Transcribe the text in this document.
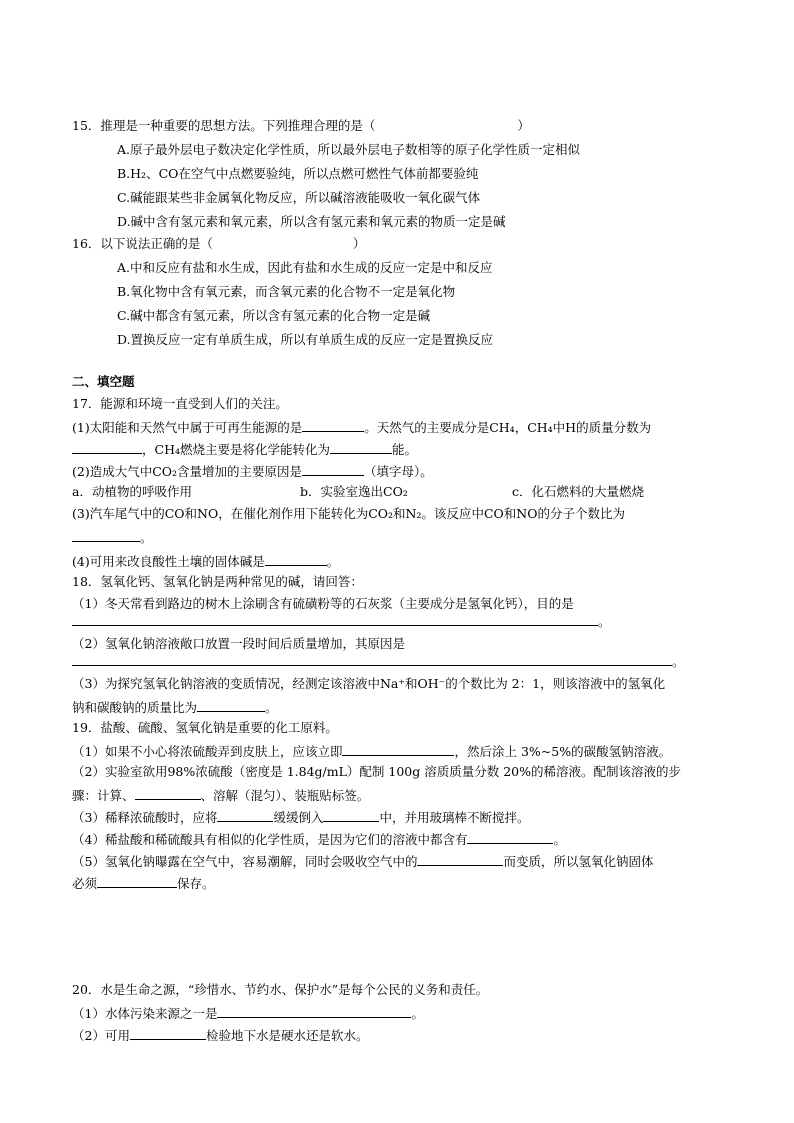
15．推理是一种重要的思想方法。下列推理合理的是（	）
A.原子最外层电子数决定化学性质，所以最外层电子数相等的原子化学性质一定相似
B.H₂、CO在空气中点燃要验纯，所以点燃可燃性气体前都要验纯
C.碱能跟某些非金属氧化物反应，所以碱溶液能吸收一氧化碳气体
D.碱中含有氢元素和氧元素，所以含有氢元素和氧元素的物质一定是碱
16．以下说法正确的是（	）
A.中和反应有盐和水生成，因此有盐和水生成的反应一定是中和反应
B.氧化物中含有氧元素，而含氧元素的化合物不一定是氧化物
C.碱中都含有氢元素，所以含有氢元素的化合物一定是碱
D.置换反应一定有单质生成，所以有单质生成的反应一定是置换反应
二、填空题
17．能源和环境一直受到人们的关注。
(1)太阳能和天然气中属于可再生能源的是	。天然气的主要成分是CH₄，CH₄中H的质量分数为
，CH₄燃烧主要是将化学能转化为	能。
(2)造成大气中CO₂含量增加的主要原因是	（填字母）。
a．动植物的呼吸作用	b．实验室逸出CO₂	c．化石燃料的大量燃烧
(3)汽车尾气中的CO和NO，在催化剂作用下能转化为CO₂和N₂。该反应中CO和NO的分子个数比为
。
(4)可用来改良酸性土壤的固体碱是	。
18．氢氧化钙、氢氧化钠是两种常见的碱，请回答：
（1）冬天常看到路边的树木上涂刷含有硫磺粉等的石灰浆（主要成分是氢氧化钙），目的是
。
（2）氢氧化钠溶液敞口放置一段时间后质量增加，其原因是
。
（3）为探究氢氧化钠溶液的变质情况，经测定该溶液中Na⁺和OH⁻的个数比为 2：1，则该溶液中的氢氧化
钠和碳酸钠的质量比为	。
19．盐酸、硫酸、氢氧化钠是重要的化工原料。
（1）如果不小心将浓硫酸弄到皮肤上，应该立即	，然后涂上 3%~5%的碳酸氢钠溶液。
（2）实验室欲用98%浓硫酸（密度是 1.84g/mL）配制 100g 溶质质量分数 20%的稀溶液。配制该溶液的步
骤：计算、	、溶解（混匀）、装瓶贴标签。
（3）稀释浓硫酸时，应将	缓缓倒入	中，并用玻璃棒不断搅拌。
（4）稀盐酸和稀硫酸具有相似的化学性质，是因为它们的溶液中都含有	。
（5）氢氧化钠曝露在空气中，容易潮解，同时会吸收空气中的	而变质，所以氢氧化钠固体
必须	保存。
20．水是生命之源，“珍惜水、节约水、保护水”是每个公民的义务和责任。
（1）水体污染来源之一是	。
（2）可用	检验地下水是硬水还是软水。
